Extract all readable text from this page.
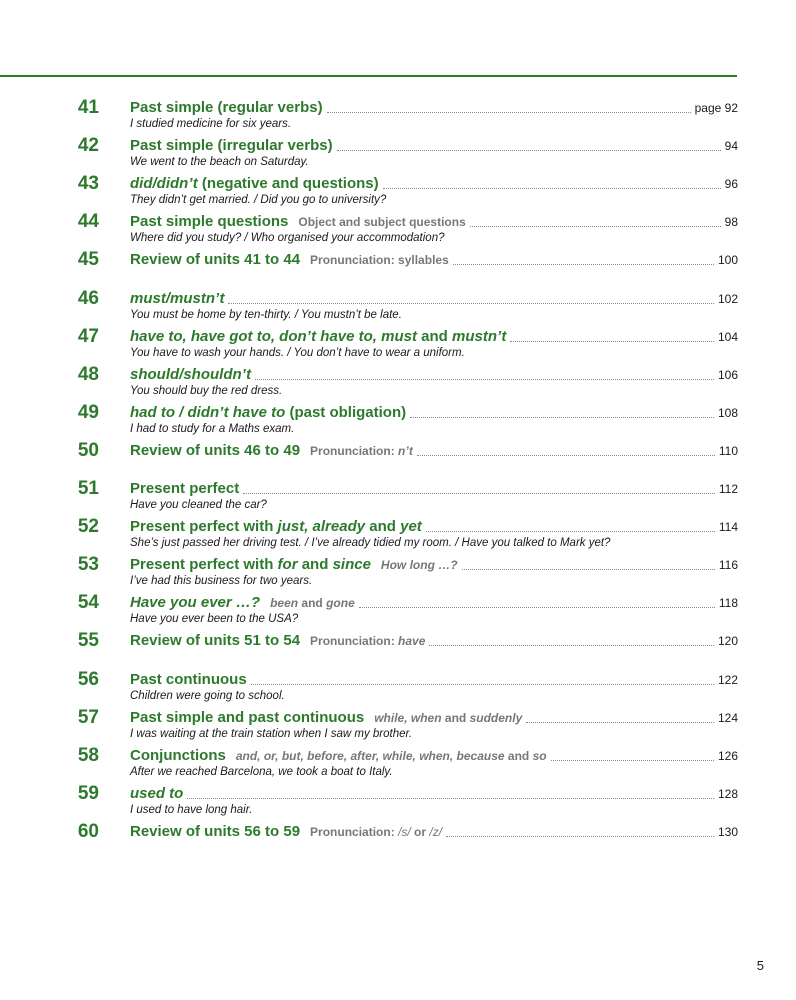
41 Past simple (regular verbs)	page 92
I studied medicine for six years.
42 Past simple (irregular verbs)	94
We went to the beach on Saturday.
43 did/didn’t (negative and questions)	96
They didn’t get married. / Did you go to university?
44 Past simple questions Object and subject questions	98
Where did you study? / Who organised your accommodation?
45 Review of units 41 to 44 Pronunciation: syllables	100
46 must/mustn’t	102
You must be home by ten-thirty. / You mustn’t be late.
47 have to, have got to, don’t have to, must and mustn’t	104
You have to wash your hands. / You don’t have to wear a uniform.
48 should/shouldn’t	106
You should buy the red dress.
49 had to / didn’t have to (past obligation)	108
I had to study for a Maths exam.
50 Review of units 46 to 49 Pronunciation: n’t	110
51 Present perfect	112
Have you cleaned the car?
52 Present perfect with just, already and yet	114
She’s just passed her driving test. / I’ve already tidied my room. / Have you talked to Mark yet?
53 Present perfect with for and since How long …?	116
I’ve had this business for two years.
54 Have you ever …? been and gone	118
Have you ever been to the USA?
55 Review of units 51 to 54 Pronunciation: have	120
56 Past continuous	122
Children were going to school.
57 Past simple and past continuous while, when and suddenly	124
I was waiting at the train station when I saw my brother.
58 Conjunctions and, or, but, before, after, while, when, because and so	126
After we reached Barcelona, we took a boat to Italy.
59 used to	128
I used to have long hair.
60 Review of units 56 to 59 Pronunciation: /s/ or /z/	130
5
